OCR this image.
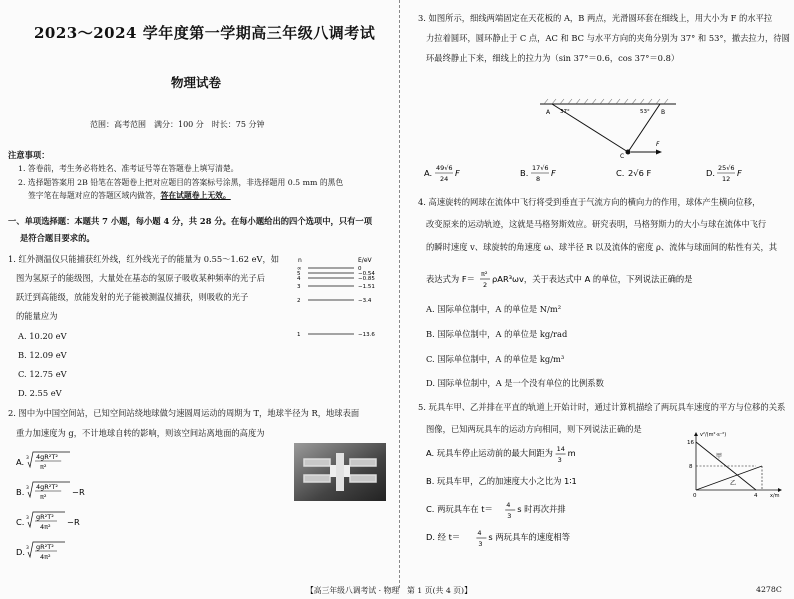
2023～2024 学年度第一学期高三年级八调考试
物理试卷
范围：高考范围　满分：100 分　时长：75 分钟
注意事项：
1. 答卷前，考生务必将姓名、准考证号等在答题卷上填写清楚。
2. 选择题答案用 2B 铅笔在答题卷上把对应题目的答案标号涂黑，非选择题用 0.5 mm 的黑色
签字笔在每题对应的答题区域内做答，答在试题卷上无效。
一、单项选择题：本题共 7 小题，每小题 4 分，共 28 分。在每小题给出的四个选项中，只有一项
是符合题目要求的。
1. 红外测温仪只能捕获红外线，红外线光子的能量为 0.55～1.62 eV，如
图为氢原子的能级图，大量处在基态的氢原子吸收某种频率的光子后
跃迁到高能级，放能发射的光子能被测温仪捕获，则吸收的光子
的能量应为
A. 10.20 eV
B. 12.09 eV
C. 12.75 eV
D. 2.55 eV
n	E/eV
∞	0
5	−0.54
4	−0.85
3	−1.51
2	−3.4
1	−13.6
2. 图中为中国空间站，已知空间站绕地球做匀速圆周运动的周期为 T，地球半径为 R，地球表面
重力加速度为 g，不计地球自转的影响，则该空间站离地面的高度为
A. 3 4gR²T²
π²
B. 3 4gR²T²
π²	−R
C. 3 gR²T²
4π² −R
D. 3 gR²T²
4π²
3. 如图所示，细线两端固定在天花板的 A，B 两点，光滑圆环套在细线上，用大小为 F 的水平拉
力拉着圆环，圆环静止于 C 点，AC 和 BC 与水平方向的夹角分别为 37° 和 53°，撤去拉力，待圆
环最终静止下来，细线上的拉力为（sin 37°＝0.6，cos 37°＝0.8）
A 37°	53° B
C
F
A. 49√6
24
F	B. 17√6
8
F	C. 2√6 F	D. 25√6
12
F
4. 高速旋转的网球在流体中飞行将受到垂直于气流方向的横向力的作用，球体产生横向位移，
改变原来的运动轨迹，这就是马格努斯效应。研究表明，马格努斯力的大小与球在流体中飞行
的瞬时速度 v、球旋转的角速度 ω、球半径 R 以及流体的密度 ρ、流体与球面间的粘性有关，其
表达式为 F＝ π²
2
ρAR³ωv，关于表达式中 A 的单位，下列说法正确的是
A. 国际单位制中，A 的单位是 N/m²
B. 国际单位制中，A 的单位是 kg/rad
C. 国际单位制中，A 的单位是 kg/m³
D. 国际单位制中，A 是一个没有单位的比例系数
5. 玩具车甲、乙并排在平直的轨道上开始计时，通过计算机描绘了两玩具车速度的平方与位移的关系
图像，已知两玩具车的运动方向相同，则下列说法正确的是
A. 玩具车停止运动前的最大间距为 14
3
m
B. 玩具车甲，乙的加速度大小之比为 1∶1
C. 两玩具车在 t＝ 4
3
s 时再次并排
D. 经 t＝	4
3
s 两玩具车的速度相等
v²/(m²·s⁻²)
16
8
0	4	x/m
甲
乙
【高三年级八调考试 · 物理　第 1 页(共 4 页)】	4278C
